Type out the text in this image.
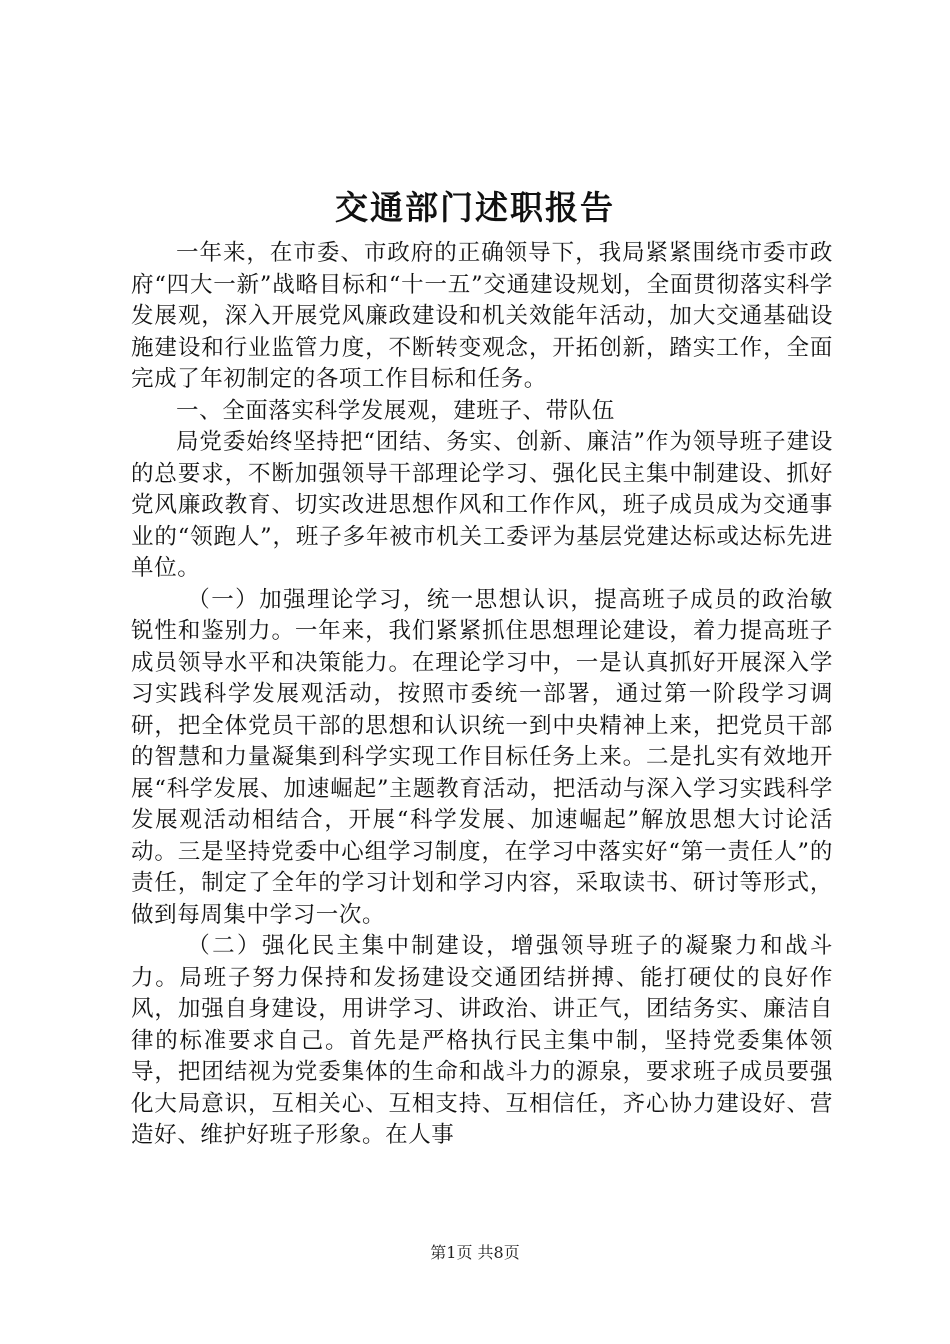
交通部门述职报告

一年来，在市委、市政府的正确领导下，我局紧紧围绕市委市政府“四大一新”战略目标和“十一五”交通建设规划，全面贯彻落实科学发展观，深入开展党风廉政建设和机关效能年活动，加大交通基础设施建设和行业监管力度，不断转变观念，开拓创新，踏实工作，全面完成了年初制定的各项工作目标和任务。

一、全面落实科学发展观，建班子、带队伍

局党委始终坚持把“团结、务实、创新、廉洁”作为领导班子建设的总要求，不断加强领导干部理论学习、强化民主集中制建设、抓好党风廉政教育、切实改进思想作风和工作作风，班子成员成为交通事业的“领跑人”，班子多年被市机关工委评为基层党建达标或达标先进单位。

（一）加强理论学习，统一思想认识，提高班子成员的政治敏锐性和鉴别力。一年来，我们紧紧抓住思想理论建设，着力提高班子成员领导水平和决策能力。在理论学习中，一是认真抓好开展深入学习实践科学发展观活动，按照市委统一部署，通过第一阶段学习调研，把全体党员干部的思想和认识统一到中央精神上来，把党员干部的智慧和力量凝集到科学实现工作目标任务上来。二是扎实有效地开展“科学发展、加速崛起”主题教育活动，把活动与深入学习实践科学发展观活动相结合，开展“科学发展、加速崛起”解放思想大讨论活动。三是坚持党委中心组学习制度，在学习中落实好“第一责任人”的责任，制定了全年的学习计划和学习内容，采取读书、研讨等形式，做到每周集中学习一次。

（二）强化民主集中制建设，增强领导班子的凝聚力和战斗力。局班子努力保持和发扬建设交通团结拼搏、能打硬仗的良好作风，加强自身建设，用讲学习、讲政治、讲正气，团结务实、廉洁自律的标准要求自己。首先是严格执行民主集中制，坚持党委集体领导，把团结视为党委集体的生命和战斗力的源泉，要求班子成员要强化大局意识，互相关心、互相支持、互相信任，齐心协力建设好、营造好、维护好班子形象。在人事

第1页 共8页
